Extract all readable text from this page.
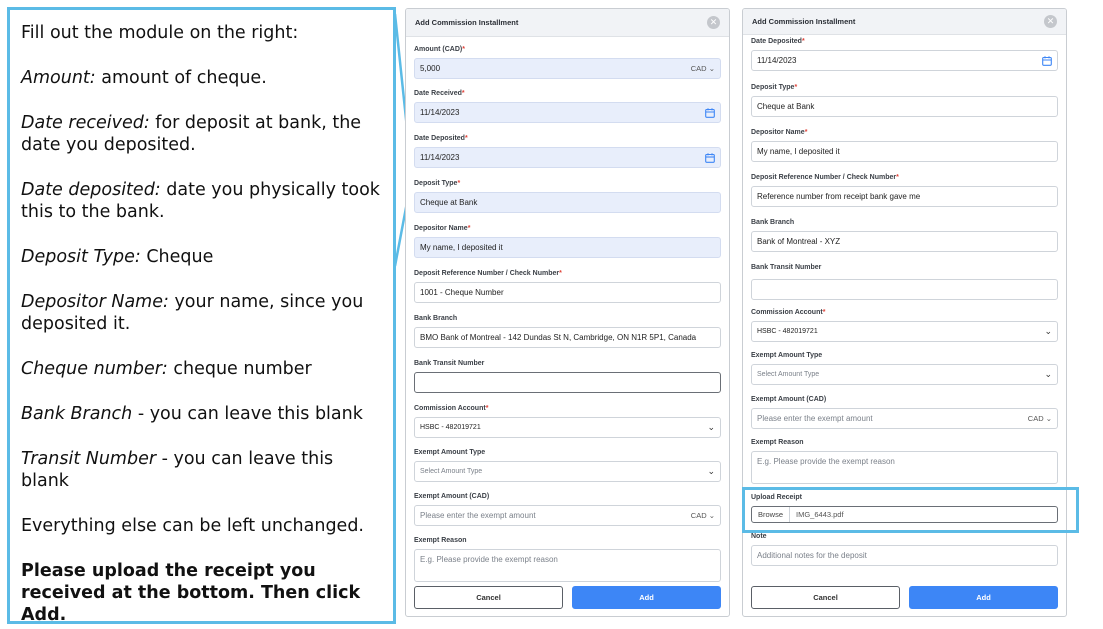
Fill out the module on the right:

Amount: amount of cheque.

Date received: for deposit at bank, the date you deposited.

Date deposited: date you physically took this to the bank.

Deposit Type: Cheque

Depositor Name: your name, since you deposited it.

Cheque number: cheque number

Bank Branch - you can leave this blank

Transit Number - you can leave this blank

Everything else can be left unchanged.

Please upload the receipt you received at the bottom. Then click Add.

Add Commission Installment	✕
Amount (CAD)*
5,000	CAD ⌄
Date Received*
11/14/2023
Date Deposited*
11/14/2023
Deposit Type*
Cheque at Bank
Depositor Name*
My name, I deposited it
Deposit Reference Number / Check Number*
1001 - Cheque Number
Bank Branch
BMO Bank of Montreal - 142 Dundas St N, Cambridge, ON N1R 5P1, Canada
Bank Transit Number
Commission Account*
HSBC - 482019721	⌄
Exempt Amount Type
Select Amount Type	⌄
Exempt Amount (CAD)
Please enter the exempt amount	CAD ⌄
Exempt Reason
E.g. Please provide the exempt reason
Cancel	Add
Add Commission Installment	✕
Date Deposited*
11/14/2023
Deposit Type*
Cheque at Bank
Depositor Name*
My name, I deposited it
Deposit Reference Number / Check Number*
Reference number from receipt bank gave me
Bank Branch
Bank of Montreal - XYZ
Bank Transit Number
Commission Account*
HSBC - 482019721	⌄
Exempt Amount Type
Select Amount Type	⌄
Exempt Amount (CAD)
Please enter the exempt amount	CAD ⌄
Exempt Reason
E.g. Please provide the exempt reason
Upload Receipt
Browse	IMG_6443.pdf
Note
Additional notes for the deposit
Cancel	Add
